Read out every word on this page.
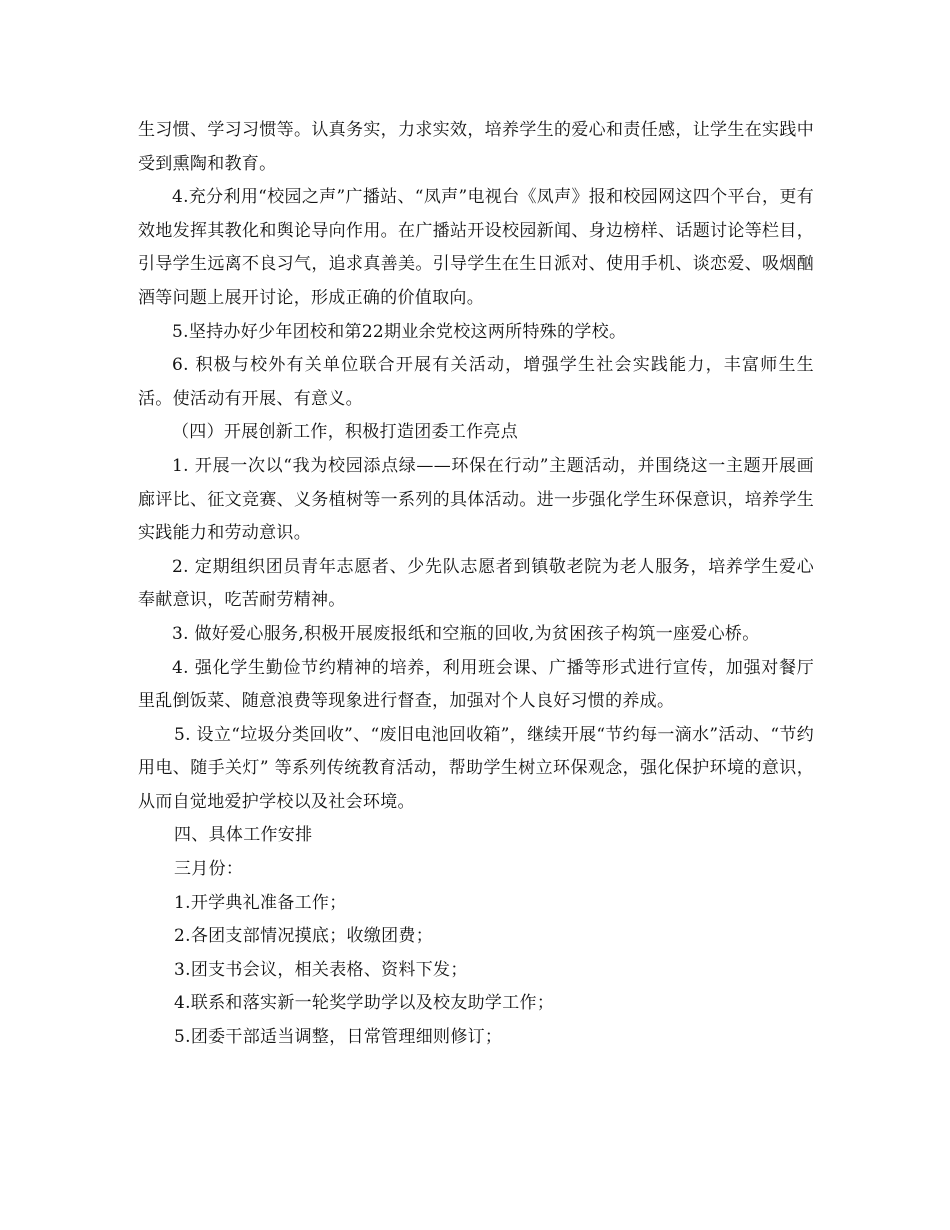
生习惯、学习习惯等。认真务实，力求实效，培养学生的爱心和责任感，让学生在实践中受到熏陶和教育。

4.充分利用“校园之声”广播站、“凤声”电视台《凤声》报和校园网这四个平台，更有效地发挥其教化和舆论导向作用。在广播站开设校园新闻、身边榜样、话题讨论等栏目，引导学生远离不良习气，追求真善美。引导学生在生日派对、使用手机、谈恋爱、吸烟酗酒等问题上展开讨论，形成正确的价值取向。

5.坚持办好少年团校和第22期业余党校这两所特殊的学校。

6. 积极与校外有关单位联合开展有关活动，增强学生社会实践能力，丰富师生生活。使活动有开展、有意义。

（四）开展创新工作，积极打造团委工作亮点

1. 开展一次以“我为校园添点绿——环保在行动”主题活动，并围绕这一主题开展画廊评比、征文竞赛、义务植树等一系列的具体活动。进一步强化学生环保意识，培养学生实践能力和劳动意识。

2. 定期组织团员青年志愿者、少先队志愿者到镇敬老院为老人服务，培养学生爱心奉献意识，吃苦耐劳精神。

3. 做好爱心服务,积极开展废报纸和空瓶的回收,为贫困孩子构筑一座爱心桥。

4. 强化学生勤俭节约精神的培养，利用班会课、广播等形式进行宣传，加强对餐厅里乱倒饭菜、随意浪费等现象进行督查，加强对个人良好习惯的养成。

5. 设立“垃圾分类回收”、“废旧电池回收箱”，继续开展“节约每一滴水”活动、“节约用电、随手关灯” 等系列传统教育活动，帮助学生树立环保观念，强化保护环境的意识，从而自觉地爱护学校以及社会环境。

四、具体工作安排

三月份：

1.开学典礼准备工作；

2.各团支部情况摸底；收缴团费；

3.团支书会议，相关表格、资料下发；

4.联系和落实新一轮奖学助学以及校友助学工作；

5.团委干部适当调整，日常管理细则修订；
